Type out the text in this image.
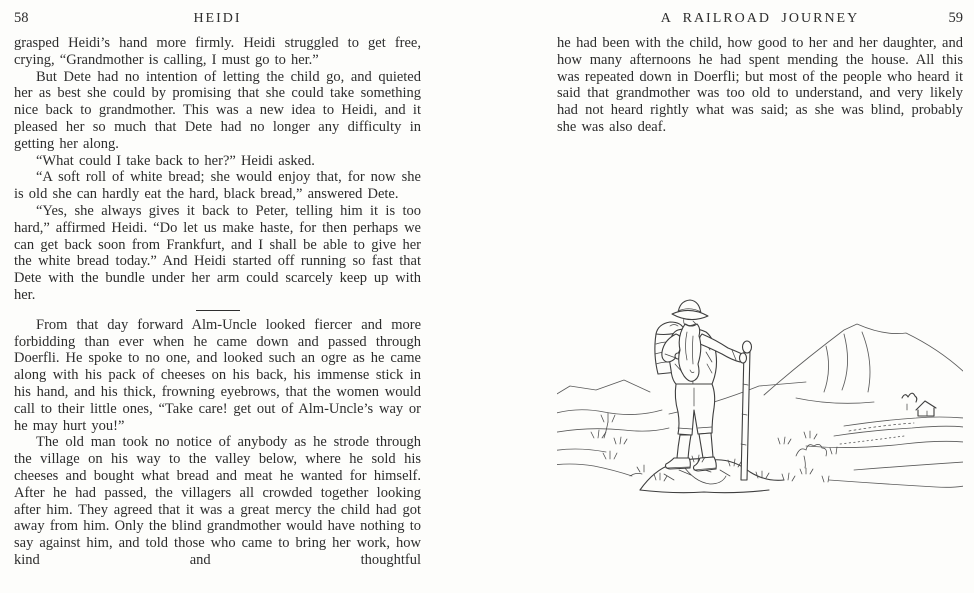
58	HEIDI

grasped Heidi’s hand more firmly. Heidi struggled to get free, crying, “Grandmother is calling, I must go to her.”

But Dete had no intention of letting the child go, and quieted her as best she could by promising that she could take something nice back to grandmother. This was a new idea to Heidi, and it pleased her so much that Dete had no longer any difficulty in getting her along.

“What could I take back to her?” Heidi asked.

“A soft roll of white bread; she would enjoy that, for now she is old she can hardly eat the hard, black bread,” answered Dete.

“Yes, she always gives it back to Peter, telling him it is too hard,” affirmed Heidi. “Do let us make haste, for then perhaps we can get back soon from Frankfurt, and I shall be able to give her the white bread today.” And Heidi started off running so fast that Dete with the bundle under her arm could scarcely keep up with her.

From that day forward Alm-Uncle looked fiercer and more forbidding than ever when he came down and passed through Doerfli. He spoke to no one, and looked such an ogre as he came along with his pack of cheeses on his back, his immense stick in his hand, and his thick, frowning eyebrows, that the women would call to their little ones, “Take care! get out of Alm-Uncle’s way or he may hurt you!”

The old man took no notice of anybody as he strode through the village on his way to the valley below, where he sold his cheeses and bought what bread and meat he wanted for himself. After he had passed, the villagers all crowded together looking after him. They agreed that it was a great mercy the child had got away from him. Only the blind grandmother would have nothing to say against him, and told those who came to bring her work, how kind and thoughtful

A RAILROAD JOURNEY	59

he had been with the child, how good to her and her daughter, and how many afternoons he had spent mending the house. All this was repeated down in Doerfli; but most of the people who heard it said that grandmother was too old to understand, and very likely had not heard rightly what was said; as she was blind, probably she was also deaf.
